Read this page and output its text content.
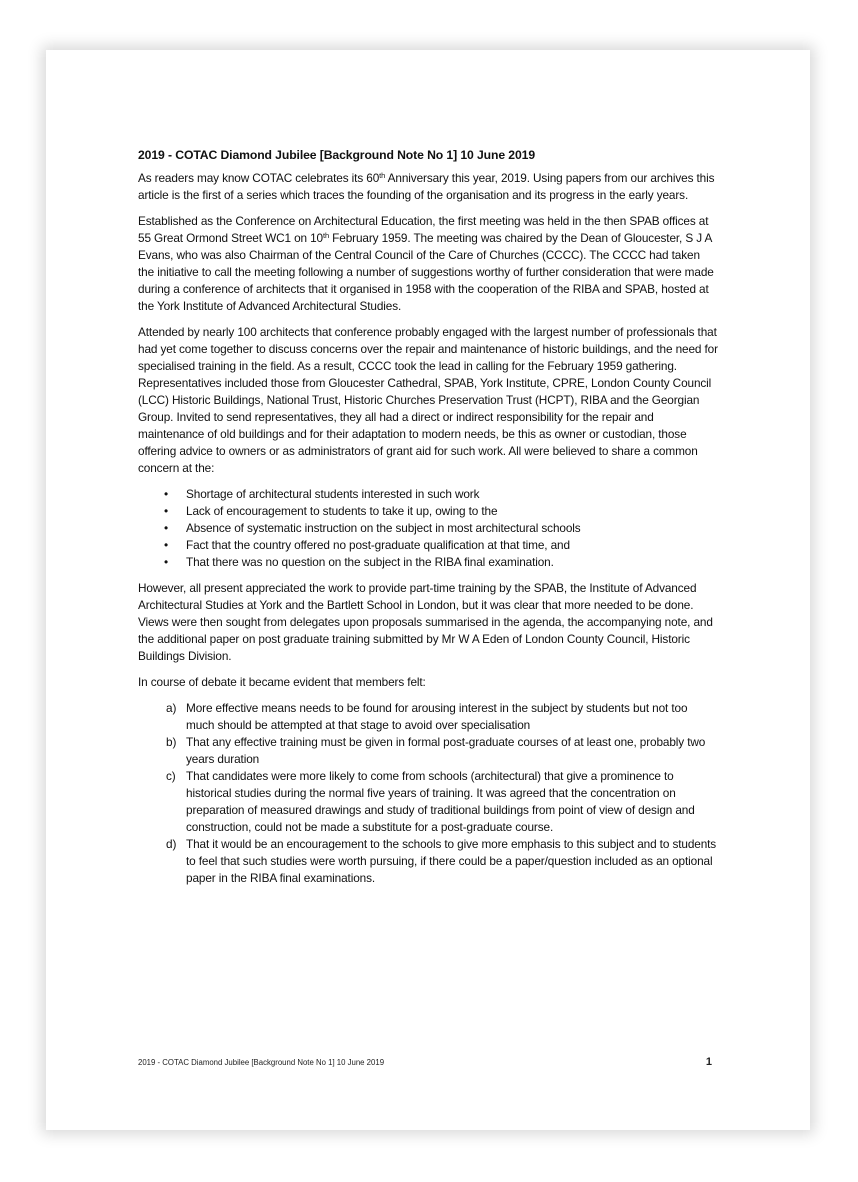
2019 - COTAC Diamond Jubilee [Background Note No 1] 10 June 2019

As readers may know COTAC celebrates its 60th Anniversary this year, 2019. Using papers from our archives this article is the first of a series which traces the founding of the organisation and its progress in the early years.

Established as the Conference on Architectural Education, the first meeting was held in the then SPAB offices at 55 Great Ormond Street WC1 on 10th February 1959. The meeting was chaired by the Dean of Gloucester, S J A Evans, who was also Chairman of the Central Council of the Care of Churches (CCCC). The CCCC had taken the initiative to call the meeting following a number of suggestions worthy of further consideration that were made during a conference of architects that it organised in 1958 with the cooperation of the RIBA and SPAB, hosted at the York Institute of Advanced Architectural Studies.

Attended by nearly 100 architects that conference probably engaged with the largest number of professionals that had yet come together to discuss concerns over the repair and maintenance of historic buildings, and the need for specialised training in the field. As a result, CCCC took the lead in calling for the February 1959 gathering. Representatives included those from Gloucester Cathedral, SPAB, York Institute, CPRE, London County Council (LCC) Historic Buildings, National Trust, Historic Churches Preservation Trust (HCPT), RIBA and the Georgian Group. Invited to send representatives, they all had a direct or indirect responsibility for the repair and maintenance of old buildings and for their adaptation to modern needs, be this as owner or custodian, those offering advice to owners or as administrators of grant aid for such work. All were believed to share a common concern at the:

• Shortage of architectural students interested in such work
• Lack of encouragement to students to take it up, owing to the
• Absence of systematic instruction on the subject in most architectural schools
• Fact that the country offered no post-graduate qualification at that time, and
• That there was no question on the subject in the RIBA final examination.

However, all present appreciated the work to provide part-time training by the SPAB, the Institute of Advanced Architectural Studies at York and the Bartlett School in London, but it was clear that more needed to be done. Views were then sought from delegates upon proposals summarised in the agenda, the accompanying note, and the additional paper on post graduate training submitted by Mr W A Eden of London County Council, Historic Buildings Division.

In course of debate it became evident that members felt:

a) More effective means needs to be found for arousing interest in the subject by students but not too much should be attempted at that stage to avoid over specialisation
b) That any effective training must be given in formal post-graduate courses of at least one, probably two years duration
c) That candidates were more likely to come from schools (architectural) that give a prominence to historical studies during the normal five years of training. It was agreed that the concentration on preparation of measured drawings and study of traditional buildings from point of view of design and construction, could not be made a substitute for a post-graduate course.
d) That it would be an encouragement to the schools to give more emphasis to this subject and to students to feel that such studies were worth pursuing, if there could be a paper/question included as an optional paper in the RIBA final examinations.
2019 - COTAC Diamond Jubilee [Background Note No 1] 10 June 2019	1
